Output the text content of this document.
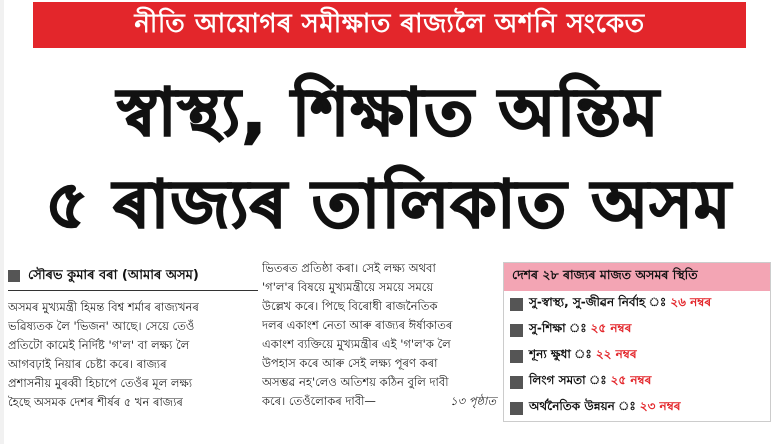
নীতি আয়োগৰ সমীক্ষাত ৰাজ্যলৈ অশনি সংকেত
স্বাস্থ্য, শিক্ষাত অন্তিম
৫ ৰাজ্যৰ তালিকাত অসম
সৌৰভ কুমাৰ বৰা (আমাৰ অসম)
অসমৰ মুখ্যমন্ত্ৰী হিমন্ত বিশ্ব শৰ্মাৰ ৰাজ্যখনৰ
ভৱিষ্যতক লৈ 'ভিজন' আছে। সেয়ে তেওঁ
প্ৰতিটো কামেই নিৰ্দিষ্ট 'গ'ল' বা লক্ষ্য লৈ
আগবঢ়াই নিয়াৰ চেষ্টা কৰে। ৰাজ্যৰ
প্ৰশাসনীয় মুৰব্বী হিচাপে তেওঁৰ মূল লক্ষ্য
হৈছে অসমক দেশৰ শীৰ্ষৰ ৫ খন ৰাজ্যৰ
ভিতৰত প্ৰতিষ্ঠা কৰা। সেই লক্ষ্য অথবা
'গ'ল'ৰ বিষয়ে মুখ্যমন্ত্ৰীয়ে সময়ে সময়ে
উল্লেখ কৰে। পিছে বিৰোধী ৰাজনৈতিক
দলৰ একাংশ নেতা আৰু ৰাজ্যৰ ঈৰ্ষাকাতৰ
একাংশ ব্যক্তিয়ে মুখ্যমন্ত্ৰীৰ এই 'গ'ল'ক লৈ
উপহাস কৰে আৰু সেই লক্ষ্য পূৰণ কৰা
অসম্ভৱ নহ'লেও অতিশয় কঠিন বুলি দাবী
কৰে। তেওঁলোকৰ দাবী—	১৩ পৃষ্ঠাত
দেশৰ ২৮ ৰাজ্যৰ মাজত অসমৰ স্থিতি
সু-স্বাস্থ্য, সু-জীৱন নিৰ্বাহ ঃ ২৬ নম্বৰ
সু-শিক্ষা ঃ ২৫ নম্বৰ
শূন্য ক্ষুধা ঃ ২২ নম্বৰ
লিংগ সমতা ঃ ২৫ নম্বৰ
অৰ্থনৈতিক উন্নয়ন ঃ ২৩ নম্বৰ
